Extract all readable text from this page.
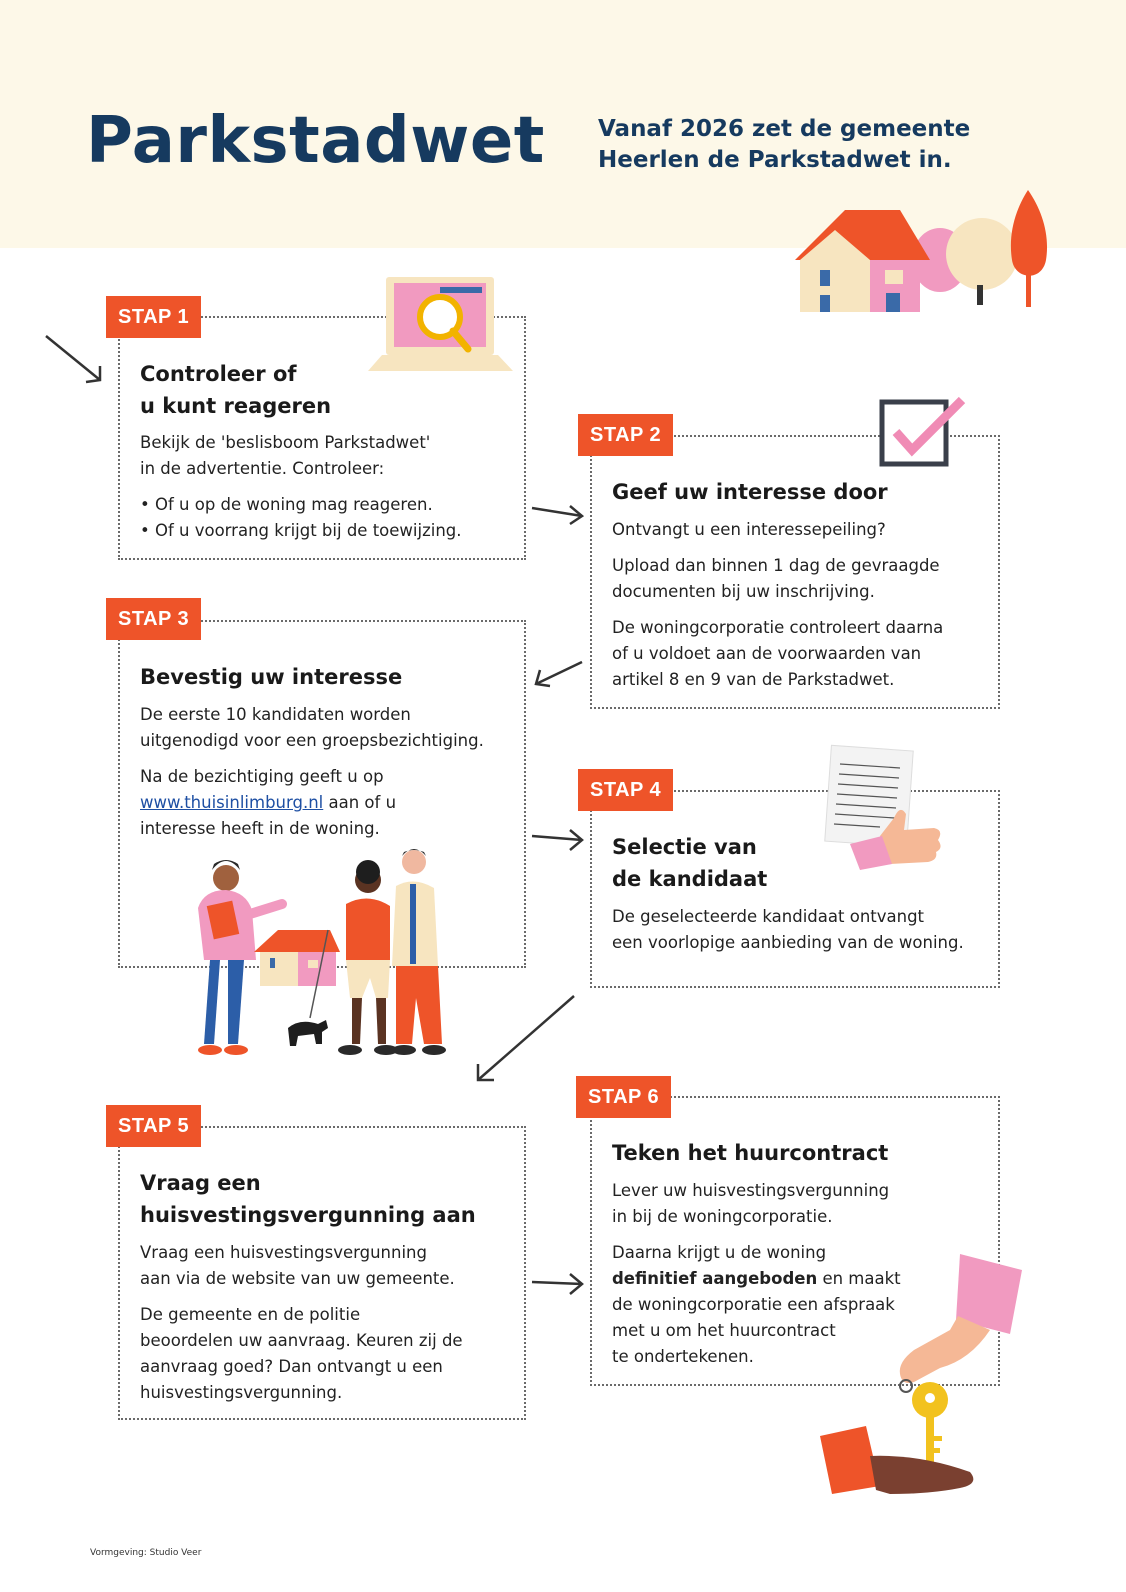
Parkstadwet Vanaf 2026 zet de gemeente Heerlen de Parkstadwet in.
STAP 1
Controleer of
u kunt reageren
Bekijk de 'beslisboom Parkstadwet'
in de advertentie. Controleer:
• Of u op de woning mag reageren.
• Of u voorrang krijgt bij de toewijzing.
STAP 2
Geef uw interesse door
Ontvangt u een interessepeiling?
Upload dan binnen 1 dag de gevraagde
documenten bij uw inschrijving.
De woningcorporatie controleert daarna
of u voldoet aan de voorwaarden van
artikel 8 en 9 van de Parkstadwet.
STAP 3
Bevestig uw interesse
De eerste 10 kandidaten worden
uitgenodigd voor een groepsbezichtiging.
Na de bezichtiging geeft u op
www.thuisinlimburg.nl aan of u
interesse heeft in de woning.
STAP 4
Selectie van
de kandidaat
De geselecteerde kandidaat ontvangt
een voorlopige aanbieding van de woning.
STAP 5
Vraag een
huisvestingsvergunning aan
Vraag een huisvestingsvergunning
aan via de website van uw gemeente.
De gemeente en de politie
beoordelen uw aanvraag. Keuren zij de
aanvraag goed? Dan ontvangt u een
huisvestingsvergunning.
STAP 6
Teken het huurcontract
Lever uw huisvestingsvergunning
in bij de woningcorporatie.
Daarna krijgt u de woning
definitief aangeboden en maakt
de woningcorporatie een afspraak
met u om het huurcontract
te ondertekenen.
Vormgeving: Studio Veer
